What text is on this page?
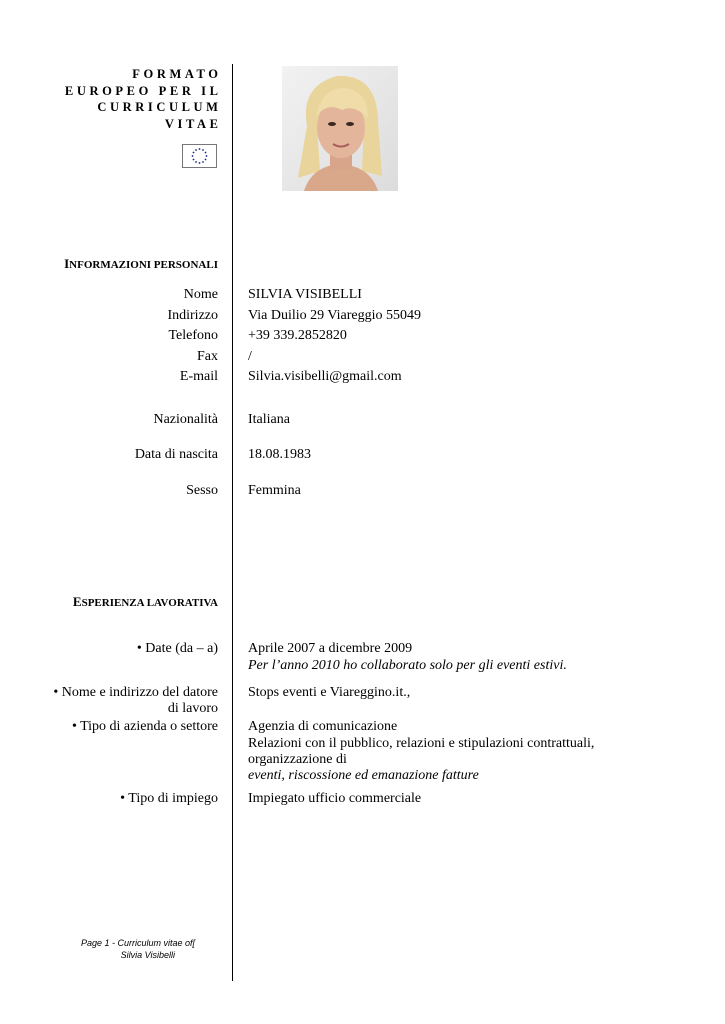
FORMATO
EUROPEO PER IL
CURRICULUM
VITAE
INFORMAZIONI PERSONALI
Nome SILVIA VISIBELLI
Indirizzo Via Duilio 29 Viareggio 55049
Telefono +39 339.2852820
Fax /
E-mail Silvia.visibelli@gmail.com
Nazionalità Italiana
Data di nascita 18.08.1983
Sesso Femmina
ESPERIENZA LAVORATIVA
• Date (da – a) Aprile 2007 a dicembre 2009
Per l’anno 2010 ho collaborato solo per gli eventi estivi.
• Nome e indirizzo del datore
di lavoro
Stops eventi e Viareggino.it.,
• Tipo di azienda o settore Agenzia di comunicazione
Relazioni con il pubblico, relazioni e stipulazioni contrattuali, organizzazione di
eventi, riscossione ed emanazione fatture
• Tipo di impiego Impiegato ufficio commerciale
Page 1 - Curriculum vitae of[
Silvia Visibelli
